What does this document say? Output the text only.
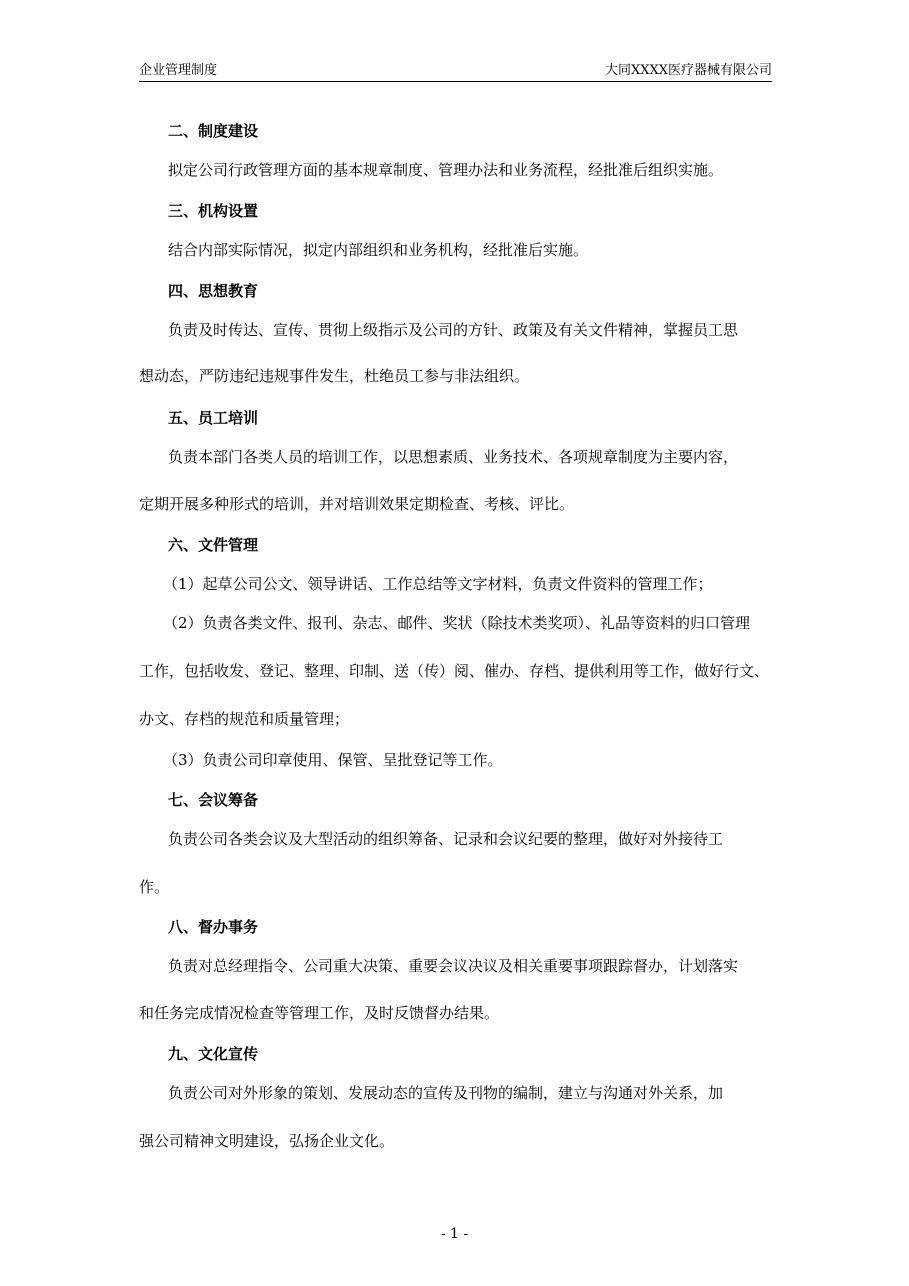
企业管理制度	大同XXXX医疗器械有限公司
二、制度建设
拟定公司行政管理方面的基本规章制度、管理办法和业务流程，经批准后组织实施。
三、机构设置
结合内部实际情况，拟定内部组织和业务机构，经批准后实施。
四、思想教育
负责及时传达、宣传、贯彻上级指示及公司的方针、政策及有关文件精神，掌握员工思
想动态，严防违纪违规事件发生，杜绝员工参与非法组织。
五、员工培训
负责本部门各类人员的培训工作，以思想素质、业务技术、各项规章制度为主要内容，
定期开展多种形式的培训，并对培训效果定期检查、考核、评比。
六、文件管理
（1）起草公司公文、领导讲话、工作总结等文字材料，负责文件资料的管理工作；
（2）负责各类文件、报刊、杂志、邮件、奖状（除技术类奖项）、礼品等资料的归口管理
工作，包括收发、登记、整理、印制、送（传）阅、催办、存档、提供利用等工作，做好行文、
办文、存档的规范和质量管理；
（3）负责公司印章使用、保管、呈批登记等工作。
七、会议筹备
负责公司各类会议及大型活动的组织筹备、记录和会议纪要的整理，做好对外接待工
作。
八、督办事务
负责对总经理指令、公司重大决策、重要会议决议及相关重要事项跟踪督办，计划落实
和任务完成情况检查等管理工作，及时反馈督办结果。
九、文化宣传
负责公司对外形象的策划、发展动态的宣传及刊物的编制，建立与沟通对外关系，加
强公司精神文明建设，弘扬企业文化。
- 1 -
